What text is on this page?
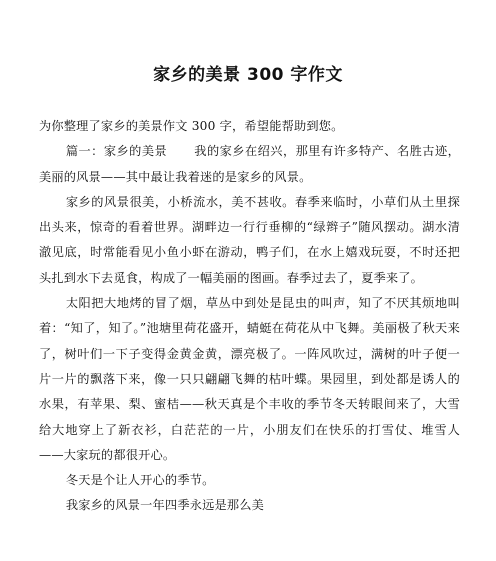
家乡的美景 300 字作文

为你整理了家乡的美景作文 300 字，希望能帮助到您。

篇一：家乡的美景 我的家乡在绍兴，那里有许多特产、名胜古迹，美丽的风景——其中最让我着迷的是家乡的风景。

家乡的风景很美，小桥流水，美不甚收。春季来临时，小草们从土里探出头来，惊奇的看着世界。湖畔边一行行垂柳的“绿辫子”随风摆动。湖水清澈见底，时常能看见小鱼小虾在游动，鸭子们，在水上嬉戏玩耍，不时还把头扎到水下去觅食，构成了一幅美丽的图画。春季过去了，夏季来了。

太阳把大地烤的冒了烟，草丛中到处是昆虫的叫声，知了不厌其烦地叫着：“知了，知了。”池塘里荷花盛开，蜻蜓在荷花从中飞舞。美丽极了秋天来了，树叶们一下子变得金黄金黄，漂亮极了。一阵风吹过，满树的叶子便一片一片的飘落下来，像一只只翩翩飞舞的枯叶蝶。果园里，到处都是诱人的水果，有苹果、梨、蜜桔——秋天真是个丰收的季节冬天转眼间来了，大雪给大地穿上了新衣衫，白茫茫的一片，小朋友们在快乐的打雪仗、堆雪人——大家玩的都很开心。

冬天是个让人开心的季节。

我家乡的风景一年四季永远是那么美
